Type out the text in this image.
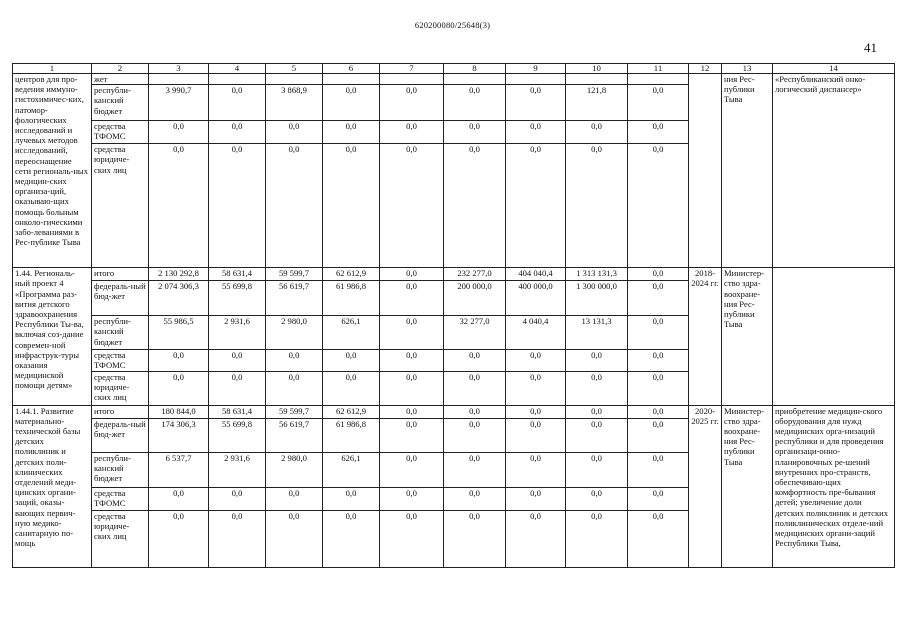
620200080/25648(3)
41
1	2	3	4	5	6	7	8	9	10	11	12	13	14
центров для про-ведения иммуно-гистохимичес-ких, патомор-фологических исследований и лучевых методов исследований, переоснащение сети региональ-ных медицин-ских организа-ций, оказываю-щих помощь больным онколо-гическими забо-леваниями в Рес-публике Тыва	жет											ния Рес-публики Тыва	«Республиканский онко-логический диспансер»
	республи-канский бюджет	3 990,7	0,0	3 868,9	0,0	0,0	0,0	0,0	121,8	0,0			
	средства ТФОМС	0,0	0,0	0,0	0,0	0,0	0,0	0,0	0,0	0,0			
	средства юридиче-ских лиц	0,0	0,0	0,0	0,0	0,0	0,0	0,0	0,0	0,0			
1.44. Региональ-ный проект 4 «Программа раз-вития детского здравоохранения Республики Ты-ва, включая соз-дание современ-ной инфраструк-туры оказания медицинской помощи детям»	итого	2 130 292,8	58 631,4	59 599,7	62 612,9	0,0	232 277,0	404 040,4	1 313 131,3	0,0	2018-2024 гг.	Министер-ство здра-воохране-ния Рес-публики Тыва	
	федераль-ный бюд-жет	2 074 306,3	55 699,8	56 619,7	61 986,8	0,0	200 000,0	400 000,0	1 300 000,0	0,0			
	республи-канский бюджет	55 986,5	2 931,6	2 980,0	626,1	0,0	32 277,0	4 040,4	13 131,3	0,0			
	средства ТФОМС	0,0	0,0	0,0	0,0	0,0	0,0	0,0	0,0	0,0			
	средства юридиче-ских лиц	0,0	0,0	0,0	0,0	0,0	0,0	0,0	0,0	0,0			
1.44.1. Развитие материально-технической базы детских поликлиник и детских поли-клинических отделений меди-цинских органи-заций, оказы-вающих первич-ную медико-санитарную по-мощь	итого	180 844,0	58 631,4	59 599,7	62 612,9	0,0	0,0	0,0	0,0	0,0	2020-2025 гг.	Министер-ство здра-воохране-ния Рес-публики Тыва	приобретение медицин-ского оборудования для нужд медицинских орга-низаций республики и для проведения организаци-онно-планировочных ре-шений внутренних про-странств, обеспечиваю-щих комфортность пре-бывания детей; увеличение доли детских поликлиник и детских поликлинических отделе-ний медицинских органи-заций Республики Тыва,
	федераль-ный бюд-жет	174 306,3	55 699,8	56 619,7	61 986,8	0,0	0,0	0,0	0,0	0,0			
	республи-канский бюджет	6 537,7	2 931,6	2 980,0	626,1	0,0	0,0	0,0	0,0	0,0			
	средства ТФОМС	0,0	0,0	0,0	0,0	0,0	0,0	0,0	0,0	0,0			
	средства юридиче-ских лиц	0,0	0,0	0,0	0,0	0,0	0,0	0,0	0,0	0,0			
